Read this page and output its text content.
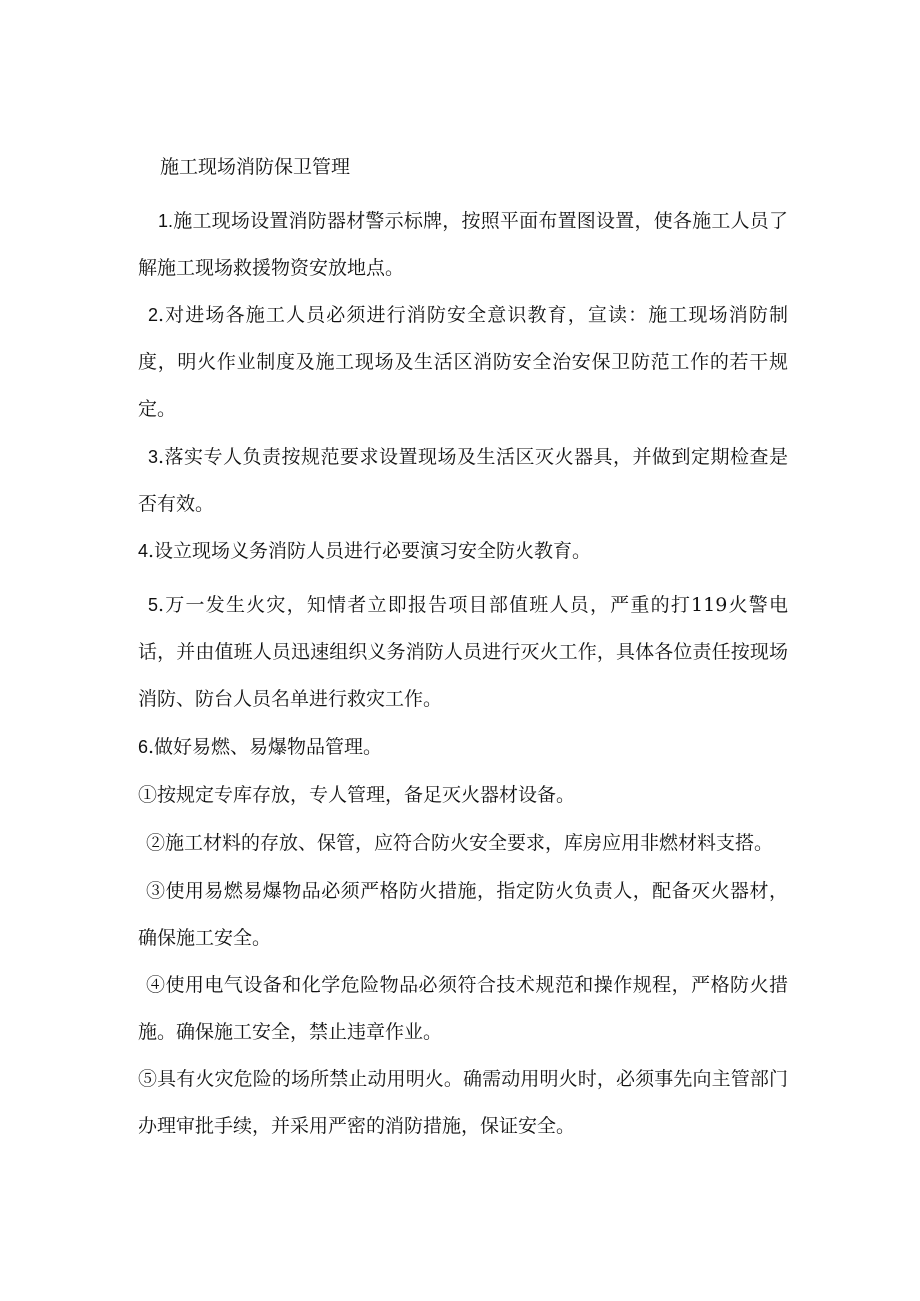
施工现场消防保卫管理

1.施工现场设置消防器材警示标牌，按照平面布置图设置，使各施工人员了解施工现场救援物资安放地点。

2.对进场各施工人员必须进行消防安全意识教育，宣读：施工现场消防制度，明火作业制度及施工现场及生活区消防安全治安保卫防范工作的若干规定。

3.落实专人负责按规范要求设置现场及生活区灭火器具，并做到定期检查是否有效。

4.设立现场义务消防人员进行必要演习安全防火教育。

5.万一发生火灾，知情者立即报告项目部值班人员，严重的打119火警电话，并由值班人员迅速组织义务消防人员进行灭火工作，具体各位责任按现场消防、防台人员名单进行救灾工作。

6.做好易燃、易爆物品管理。

①按规定专库存放，专人管理，备足灭火器材设备。

②施工材料的存放、保管，应符合防火安全要求，库房应用非燃材料支搭。

③使用易燃易爆物品必须严格防火措施，指定防火负责人，配备灭火器材，确保施工安全。

④使用电气设备和化学危险物品必须符合技术规范和操作规程，严格防火措施。确保施工安全，禁止违章作业。

⑤具有火灾危险的场所禁止动用明火。确需动用明火时，必须事先向主管部门办理审批手续，并采用严密的消防措施，保证安全。
